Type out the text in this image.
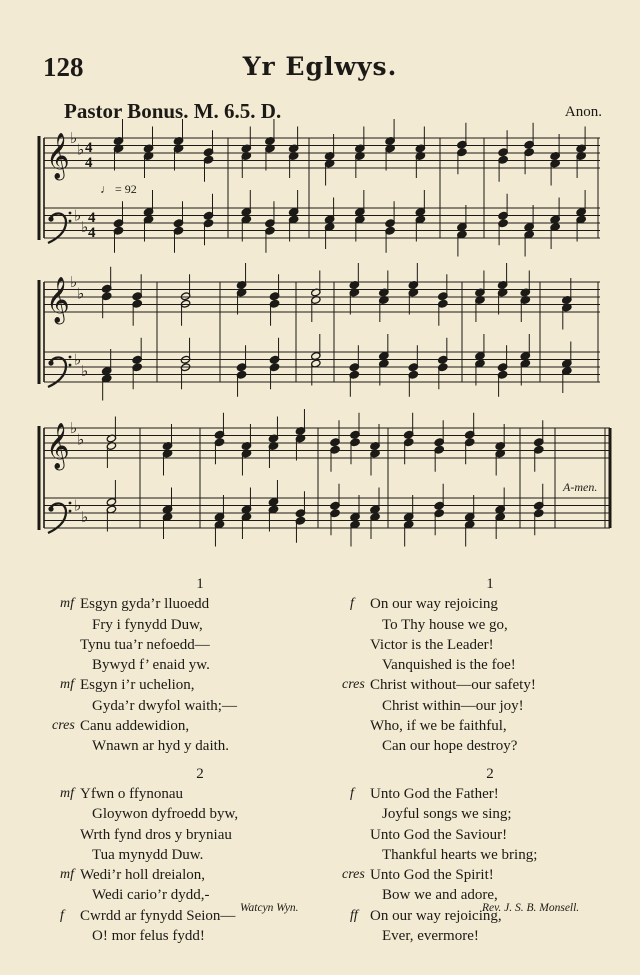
128	Yr Eglwys.
Pastor Bonus. M. 6.5. D.	Anon.
𝄞 ♭
♭
♭
♭
4
4
4
4
𝄞 ♭
♭
♭
♭
𝄞 ♭
♭
♭
♭
♩ = 92
A-men.
1
mf Esgyn gyda’r lluoedd
Fry i fynydd Duw,
Tynu tua’r nefoedd—
Bywyd f’ enaid yw.
mf Esgyn i’r uchelion,
Gyda’r dwyfol waith;—
cres Canu addewidion,
Wnawn ar hyd y daith.
2
mf Yfwn o ffynonau
Gloywon dyfroedd byw,
Wrth fynd dros y bryniau
Tua mynydd Duw.
mf Wedi’r holl dreialon,
Wedi cario’r dydd,-
f Cwrdd ar fynydd Seion—
O! mor felus fydd!
1
f On our way rejoicing
To Thy house we go,
Victor is the Leader!
Vanquished is the foe!
cres Christ without—our safety!
Christ within—our joy!
Who, if we be faithful,
Can our hope destroy?
2
f Unto God the Father!
Joyful songs we sing;
Unto God the Saviour!
Thankful hearts we bring;
cres Unto God the Spirit!
Bow we and adore,
ff On our way rejoicing,
Ever, evermore!
Watcyn Wyn.	Rev. J. S. B. Monsell.
